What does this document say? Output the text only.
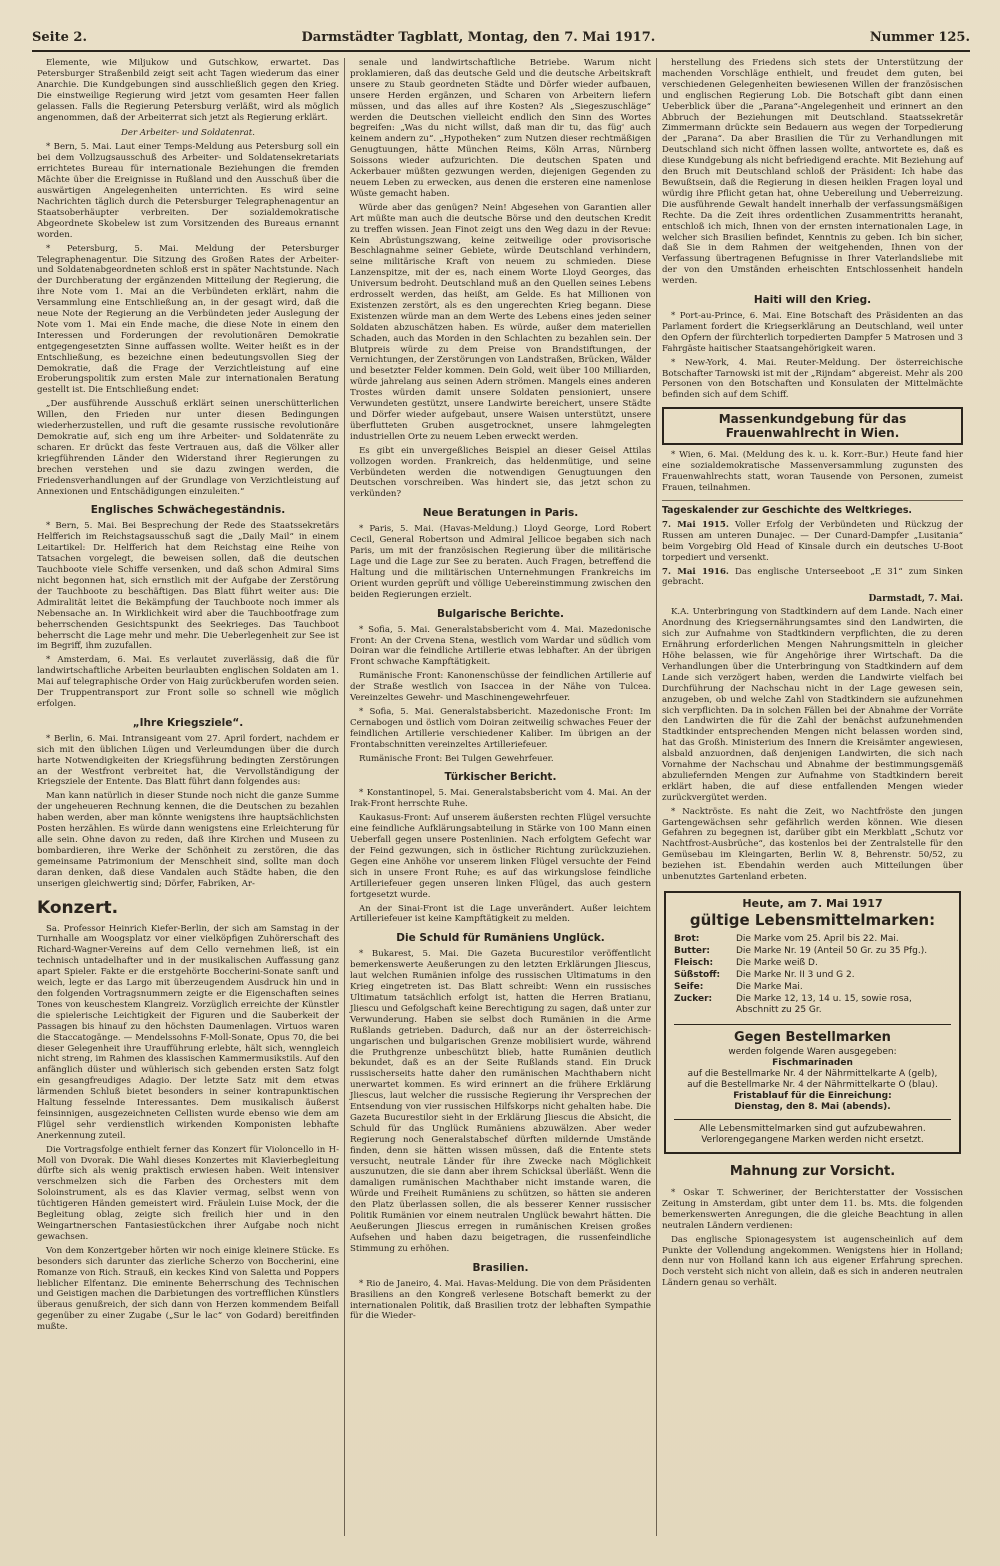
Seite 2.	Darmstädter Tagblatt, Montag, den 7. Mai 1917.	Nummer 125.

Elemente, wie Miljukow und Gutschkow, erwartet. Das Petersburger Straßenbild zeigt seit acht Tagen wiederum das einer Anarchie. Die Kundgebungen sind ausschließlich gegen den Krieg. Die einstweilige Regierung wird jetzt vom gesamten Heer fallen gelassen. Falls die Regierung Petersburg verläßt, wird als möglich angenommen, daß der Arbeiterrat sich jetzt als Regierung erklärt.

Der Arbeiter- und Soldatenrat.

* Bern, 5. Mai. Laut einer Temps-Meldung aus Petersburg soll ein bei dem Vollzugsausschuß des Arbeiter- und Soldatensekretariats errichtetes Bureau für internationale Beziehungen die fremden Mächte über die Ereignisse in Rußland und den Ausschuß über die auswärtigen Angelegenheiten unterrichten. Es wird seine Nachrichten täglich durch die Petersburger Telegraphenagentur an Staatsoberhäupter verbreiten. Der sozialdemokratische Abgeordnete Skobelew ist zum Vorsitzenden des Bureaus ernannt worden.

* Petersburg, 5. Mai. Meldung der Petersburger Telegraphenagentur. Die Sitzung des Großen Rates der Arbeiter- und Soldatenabgeordneten schloß erst in später Nachtstunde. Nach der Durchberatung der ergänzenden Mitteilung der Regierung, die ihre Note vom 1. Mai an die Verbündeten erklärt, nahm die Versammlung eine Entschließung an, in der gesagt wird, daß die neue Note der Regierung an die Verbündeten jeder Auslegung der Note vom 1. Mai ein Ende mache, die diese Note in einem den Interessen und Forderungen der revolutionären Demokratie entgegengesetzten Sinne auffassen wollte. Weiter heißt es in der Entschließung, es bezeichne einen bedeutungsvollen Sieg der Demokratie, daß die Frage der Verzichtleistung auf eine Eroberungspolitik zum ersten Male zur internationalen Beratung gestellt ist. Die Entschließung endet:

„Der ausführende Ausschuß erklärt seinen unerschütterlichen Willen, den Frieden nur unter diesen Bedingungen wiederherzustellen, und ruft die gesamte russische revolutionäre Demokratie auf, sich eng um ihre Arbeiter- und Soldatenräte zu scharen. Er drückt das feste Vertrauen aus, daß die Völker aller kriegführenden Länder den Widerstand ihrer Regierungen zu brechen verstehen und sie dazu zwingen werden, die Friedensverhandlungen auf der Grundlage von Verzichtleistung auf Annexionen und Entschädigungen einzuleiten.“

Englisches Schwächegeständnis.

* Bern, 5. Mai. Bei Besprechung der Rede des Staatssekretärs Helfferich im Reichstagsausschuß sagt die „Daily Mail“ in einem Leitartikel: Dr. Helfferich hat dem Reichstag eine Reihe von Tatsachen vorgelegt, die beweisen sollen, daß die deutschen Tauchboote viele Schiffe versenken, und daß schon Admiral Sims nicht begonnen hat, sich ernstlich mit der Aufgabe der Zerstörung der Tauchboote zu beschäftigen. Das Blatt führt weiter aus: Die Admiralität leitet die Bekämpfung der Tauchboote noch immer als Nebensache an. In Wirklichkeit wird aber die Tauchbootfrage zum beherrschenden Gesichtspunkt des Seekrieges. Das Tauchboot beherrscht die Lage mehr und mehr. Die Ueberlegenheit zur See ist im Begriff, ihm zuzufallen.

* Amsterdam, 6. Mai. Es verlautet zuverlässig, daß die für landwirtschaftliche Arbeiten beurlaubten englischen Soldaten am 1. Mai auf telegraphische Order von Haig zurückberufen worden seien. Der Truppentransport zur Front solle so schnell wie möglich erfolgen.

„Ihre Kriegsziele“.

* Berlin, 6. Mai. Intransigeant vom 27. April fordert, nachdem er sich mit den üblichen Lügen und Verleumdungen über die durch harte Notwendigkeiten der Kriegsführung bedingten Zerstörungen an der Westfront verbreitet hat, die Vervollständigung der Kriegsziele der Entente. Das Blatt führt dann folgendes aus:

Man kann natürlich in dieser Stunde noch nicht die ganze Summe der ungeheueren Rechnung kennen, die die Deutschen zu bezahlen haben werden, aber man könnte wenigstens ihre hauptsächlichsten Posten herzählen. Es würde dann wenigstens eine Erleichterung für alle sein. Ohne davon zu reden, daß ihre Kirchen und Museen zu bombardieren, ihre Werke der Schönheit zu zerstören, die das gemeinsame Patrimonium der Menschheit sind, sollte man doch daran denken, daß diese Vandalen auch Städte haben, die den unserigen gleichwertig sind; Dörfer, Fabriken, Ar-

Konzert.

Sa. Professor Heinrich Kiefer-Berlin, der sich am Samstag in der Turnhalle am Woogsplatz vor einer vielköpfigen Zuhörerschaft des Richard-Wagner-Vereins auf dem Cello vernehmen ließ, ist ein technisch untadelhafter und in der musikalischen Auffassung ganz apart Spieler. Fakte er die erstgehörte Boccherini-Sonate sanft und weich, legte er das Largo mit überzeugendem Ausdruck hin und in den folgenden Vortragsnummern zeigte er die Eigenschaften seines Tones von keuschestem Klangreiz. Vorzüglich erreichte der Künstler die spielerische Leichtigkeit der Figuren und die Sauberkeit der Passagen bis hinauf zu den höchsten Daumenlagen. Virtuos waren die Staccatogänge. — Mendelssohns F-Moll-Sonate, Opus 70, die bei dieser Gelegenheit ihre Uraufführung erlebte, hält sich, wenngleich nicht streng, im Rahmen des klassischen Kammermusikstils. Auf den anfänglich düster und wühlerisch sich gebenden ersten Satz folgt ein gesangfreudiges Adagio. Der letzte Satz mit dem etwas lärmenden Schluß bietet besonders in seiner kontrapunktischen Haltung fesselnde Interessantes. Dem musikalisch äußerst feinsinnigen, ausgezeichneten Cellisten wurde ebenso wie dem am Flügel sehr verdienstlich wirkenden Komponisten lebhafte Anerkennung zuteil.

Die Vortragsfolge enthielt ferner das Konzert für Violoncello in H-Moll von Dvorak. Die Wahl dieses Konzertes mit Klavierbegleitung dürfte sich als wenig praktisch erwiesen haben. Weit intensiver verschmelzen sich die Farben des Orchesters mit dem Soloinstrument, als es das Klavier vermag, selbst wenn von tüchtigeren Händen gemeistert wird. Fräulein Luise Mock, der die Begleitung oblag, zeigte sich freilich hier und in den Weingartnerschen Fantasiestückchen ihrer Aufgabe noch nicht gewachsen.

Von dem Konzertgeber hörten wir noch einige kleinere Stücke. Es besonders sich darunter das zierliche Scherzo von Boccherini, eine Romanze von Rich. Strauß, ein keckes Kind von Saletta und Poppers lieblicher Elfentanz. Die eminente Beherrschung des Technischen und Geistigen machen die Darbietungen des vortrefflichen Künstlers überaus genußreich, der sich dann von Herzen kommendem Beifall gegenüber zu einer Zugabe („Sur le lac“ von Godard) bereitfinden mußte.

senale und landwirtschaftliche Betriebe. Warum nicht proklamieren, daß das deutsche Geld und die deutsche Arbeitskraft unsere zu Staub geordneten Städte und Dörfer wieder aufbauen, unsere Herden ergänzen, und Scharen von Arbeitern liefern müssen, und das alles auf ihre Kosten? Als „Siegeszuschläge“ werden die Deutschen vielleicht endlich den Sinn des Wortes begreifen: „Was du nicht willst, daß man dir tu, das füg' auch keinem andern zu“. „Hypotheken“ zum Nutzen dieser rechtmäßigen Genugtuungen, hätte München Reims, Köln Arras, Nürnberg Soissons wieder aufzurichten. Die deutschen Spaten und Ackerbauer müßten gezwungen werden, diejenigen Gegenden zu neuem Leben zu erwecken, aus denen die ersteren eine namenlose Wüste gemacht haben.

Würde aber das genügen? Nein! Abgesehen von Garantien aller Art müßte man auch die deutsche Börse und den deutschen Kredit zu treffen wissen. Jean Finot zeigt uns den Weg dazu in der Revue: Kein Abrüstungszwang, keine zeitweilige oder provisorische Beschlagnahme seiner Gebiete, würde Deutschland verhindern, seine militärische Kraft von neuem zu schmieden. Diese Lanzenspitze, mit der es, nach einem Worte Lloyd Georges, das Universum bedroht. Deutschland muß an den Quellen seines Lebens erdrosselt werden, das heißt, am Gelde. Es hat Millionen von Existenzen zerstört, als es den ungerechten Krieg begann. Diese Existenzen würde man an dem Werte des Lebens eines jeden seiner Soldaten abzuschätzen haben. Es würde, außer dem materiellen Schaden, auch das Morden in den Schlachten zu bezahlen sein. Der Blutpreis würde zu dem Preise von Brandstiftungen, der Vernichtungen, der Zerstörungen von Landstraßen, Brücken, Wälder und besetzter Felder kommen. Dein Gold, weit über 100 Milliarden, würde jahrelang aus seinen Adern strömen. Mangels eines anderen Trostes würden damit unsere Soldaten pensioniert, unsere Verwundeten gestützt, unsere Landwirte bereichert, unsere Städte und Dörfer wieder aufgebaut, unsere Waisen unterstützt, unsere überflutteten Gruben ausgetrocknet, unsere lahmgelegten industriellen Orte zu neuem Leben erweckt werden.

Es gibt ein unvergeßliches Beispiel an dieser Geisel Attilas vollzogen worden. Frankreich, das heldenmütige, und seine Verbündeten werden die notwendigen Genugtuungen den Deutschen vorschreiben. Was hindert sie, das jetzt schon zu verkünden?

Neue Beratungen in Paris.

* Paris, 5. Mai. (Havas-Meldung.) Lloyd George, Lord Robert Cecil, General Robertson und Admiral Jellicoe begaben sich nach Paris, um mit der französischen Regierung über die militärische Lage und die Lage zur See zu beraten. Auch Fragen, betreffend die Haltung und die militärischen Unternehmungen Frankreichs im Orient wurden geprüft und völlige Uebereinstimmung zwischen den beiden Regierungen erzielt.

Bulgarische Berichte.

* Sofia, 5. Mai. Generalstabsbericht vom 4. Mai. Mazedonische Front: An der Crvena Stena, westlich vom Wardar und südlich vom Doiran war die feindliche Artillerie etwas lebhafter. An der übrigen Front schwache Kampftätigkeit.

Rumänische Front: Kanonenschüsse der feindlichen Artillerie auf der Straße westlich von Isaccea in der Nähe von Tulcea. Vereinzeltes Gewehr- und Maschinengewehrfeuer.

* Sofia, 5. Mai. Generalstabsbericht. Mazedonische Front: Im Cernabogen und östlich vom Doiran zeitweilig schwaches Feuer der feindlichen Artillerie verschiedener Kaliber. Im übrigen an der Frontabschnitten vereinzeltes Artilleriefeuer.

Rumänische Front: Bei Tulgen Gewehrfeuer.

Türkischer Bericht.

* Konstantinopel, 5. Mai. Generalstabsbericht vom 4. Mai. An der Irak-Front herrschte Ruhe.

Kaukasus-Front: Auf unserem äußersten rechten Flügel versuchte eine feindliche Aufklärungsabteilung in Stärke von 100 Mann einen Ueberfall gegen unsere Postenlinien. Nach erfolgtem Gefecht war der Feind gezwungen, sich in östlicher Richtung zurückzuziehen. Gegen eine Anhöhe vor unserem linken Flügel versuchte der Feind sich in unsere Front Ruhe; es auf das wirkungslose feindliche Artilleriefeuer gegen unseren linken Flügel, das auch gestern fortgesetzt wurde.

An der Sinai-Front ist die Lage unverändert. Außer leichtem Artilleriefeuer ist keine Kampftätigkeit zu melden.

Die Schuld für Rumäniens Unglück.

* Bukarest, 5. Mai. Die Gazeta Bucurestilor veröffentlicht bemerkenswerte Aeußerungen zu den letzten Erklärungen Jliescus, laut welchen Rumänien infolge des russischen Ultimatums in den Krieg eingetreten ist. Das Blatt schreibt: Wenn ein russisches Ultimatum tatsächlich erfolgt ist, hatten die Herren Bratianu, Jliescu und Gefolgschaft keine Berechtigung zu sagen, daß unter zur Verwunderung. Haben sie selbst doch Rumänien in die Arme Rußlands getrieben. Dadurch, daß nur an der österreichisch-ungarischen und bulgarischen Grenze mobilisiert wurde, während die Pruthgrenze unbeschützt blieb, hatte Rumänien deutlich bekundet, daß es an der Seite Rußlands stand. Ein Druck russischerseits hatte daher den rumänischen Machthabern nicht unerwartet kommen. Es wird erinnert an die frühere Erklärung Jliescus, laut welcher die russische Regierung ihr Versprechen der Entsendung von vier russischen Hilfskorps nicht gehalten habe. Die Gazeta Bucurestilor sieht in der Erklärung Jliescus die Absicht, die Schuld für das Unglück Rumäniens abzuwälzen. Aber weder Regierung noch Generalstabschef dürften mildernde Umstände finden, denn sie hätten wissen müssen, daß die Entente stets versucht, neutrale Länder für ihre Zwecke nach Möglichkeit auszunutzen, die sie dann aber ihrem Schicksal überläßt. Wenn die damaligen rumänischen Machthaber nicht imstande waren, die Würde und Freiheit Rumäniens zu schützen, so hätten sie anderen den Platz überlassen sollen, die als besserer Kenner russischer Politik Rumänien vor einem neutralen Unglück bewahrt hätten. Die Aeußerungen Jliescus erregen in rumänischen Kreisen großes Aufsehen und haben dazu beigetragen, die russenfeindliche Stimmung zu erhöhen.

Brasilien.

* Rio de Janeiro, 4. Mai. Havas-Meldung. Die von dem Präsidenten Brasiliens an den Kongreß verlesene Botschaft bemerkt zu der internationalen Politik, daß Brasilien trotz der lebhaften Sympathie für die Wieder-

herstellung des Friedens sich stets der Unterstützung der machenden Vorschläge enthielt, und freudet dem guten, bei verschiedenen Gelegenheiten bewiesenen Willen der französischen und englischen Regierung Lob. Die Botschaft gibt dann einen Ueberblick über die „Parana“-Angelegenheit und erinnert an den Abbruch der Beziehungen mit Deutschland. Staatssekretär Zimmermann drückte sein Bedauern aus wegen der Torpedierung der „Parana“. Da aber Brasilien die Tür zu Verhandlungen mit Deutschland sich nicht öffnen lassen wollte, antwortete es, daß es diese Kundgebung als nicht befriedigend erachte. Mit Beziehung auf den Bruch mit Deutschland schloß der Präsident: Ich habe das Bewußtsein, daß die Regierung in diesen heiklen Fragen loyal und würdig ihre Pflicht getan hat, ohne Uebereilung und Ueberreizung. Die ausführende Gewalt handelt innerhalb der verfassungsmäßigen Rechte. Da die Zeit ihres ordentlichen Zusammentritts heranaht, entschloß ich mich, Ihnen von der ernsten internationalen Lage, in welcher sich Brasilien befindet, Kenntnis zu geben. Ich bin sicher, daß Sie in dem Rahmen der weitgehenden, Ihnen von der Verfassung übertragenen Befugnisse in Ihrer Vaterlandsliebe mit der von den Umständen erheischten Entschlossenheit handeln werden.

Haiti will den Krieg.

* Port-au-Prince, 6. Mai. Eine Botschaft des Präsidenten an das Parlament fordert die Kriegserklärung an Deutschland, weil unter den Opfern der fürchterlich torpedierten Dampfer 5 Matrosen und 3 Fahrgäste haitischer Staatsangehörigkeit waren.

* New-York, 4. Mai. Reuter-Meldung. Der österreichische Botschafter Tarnowski ist mit der „Rijndam“ abgereist. Mehr als 200 Personen von den Botschaften und Konsulaten der Mittelmächte befinden sich auf dem Schiff.

Massenkundgebung für das Frauenwahlrecht in Wien.

* Wien, 6. Mai. (Meldung des k. u. k. Korr.-Bur.) Heute fand hier eine sozialdemokratische Massenversammlung zugunsten des Frauenwahlrechts statt, woran Tausende von Personen, zumeist Frauen, teilnahmen.

Tageskalender zur Geschichte des Weltkrieges.

7. Mai 1915. Voller Erfolg der Verbündeten und Rückzug der Russen am unteren Dunajec. — Der Cunard-Dampfer „Lusitania“ beim Vorgebirg Old Head of Kinsale durch ein deutsches U-Boot torpediert und versenkt.

7. Mai 1916. Das englische Unterseeboot „E 31“ zum Sinken gebracht.

Darmstadt, 7. Mai.

K.A. Unterbringung von Stadtkindern auf dem Lande. Nach einer Anordnung des Kriegsernährungsamtes sind den Landwirten, die sich zur Aufnahme von Stadtkindern verpflichten, die zu deren Ernährung erforderlichen Mengen Nahrungsmitteln in gleicher Höhe belassen, wie für Angehörige ihrer Wirtschaft. Da die Verhandlungen über die Unterbringung von Stadtkindern auf dem Lande sich verzögert haben, werden die Landwirte vielfach bei Durchführung der Nachschau nicht in der Lage gewesen sein, anzugeben, ob und welche Zahl von Stadtkindern sie aufzunehmen sich verpflichten. Da in solchen Fällen bei der Abnahme der Vorräte den Landwirten die für die Zahl der benächst aufzunehmenden Stadtkinder entsprechenden Mengen nicht belassen worden sind, hat das Großh. Ministerium des Innern die Kreisämter angewiesen, alsbald anzuordnen, daß denjenigen Landwirten, die sich nach Vornahme der Nachschau und Abnahme der bestimmungsgemäß abzuliefernden Mengen zur Aufnahme von Stadtkindern bereit erklärt haben, die auf diese entfallenden Mengen wieder zurückvergütet werden.

* Nacktröste. Es naht die Zeit, wo Nachtfröste den jungen Gartengewächsen sehr gefährlich werden können. Wie diesen Gefahren zu begegnen ist, darüber gibt ein Merkblatt „Schutz vor Nachtfrost-Ausbrüche“, das kostenlos bei der Zentralstelle für den Gemüsebau im Kleingarten, Berlin W. 8, Behrenstr. 50/52, zu beziehen ist. Ebendahin werden auch Mitteilungen über unbenutztes Gartenland erbeten.

Heute, am 7. Mai 1917
gültige Lebensmittelmarken:
Brot:	Die Marke vom 25. April bis 22. Mai.
Butter:	Die Marke Nr. 19 (Anteil 50 Gr. zu 35 Pfg.).
Fleisch:	Die Marke weiß D.
Süßstoff:	Die Marke Nr. II 3 und G 2.
Seife:	Die Marke Mai.
Zucker:	Die Marke 12, 13, 14 u. 15, sowie rosa, Abschnitt zu 25 Gr.
Gegen Bestellmarken
werden folgende Waren ausgegeben:
Fischmarinaden
auf die Bestellmarke Nr. 4 der Nährmittelkarte A (gelb),
auf die Bestellmarke Nr. 4 der Nährmittelkarte O (blau).
Fristablauf für die Einreichung:
Dienstag, den 8. Mai (abends).
Alle Lebensmittelmarken sind gut aufzubewahren.
Verlorengegangene Marken werden nicht ersetzt.
Mahnung zur Vorsicht.

* Oskar T. Schweriner, der Berichterstatter der Vossischen Zeitung in Amsterdam, gibt unter dem 11. bs. Mts. die folgenden bemerkenswerten Anregungen, die die gleiche Beachtung in allen neutralen Ländern verdienen:

Das englische Spionagesystem ist augenscheinlich auf dem Punkte der Vollendung angekommen. Wenigstens hier in Holland; denn nur von Holland kann ich aus eigener Erfahrung sprechen. Doch versteht sich nicht von allein, daß es sich in anderen neutralen Ländern genau so verhält.
